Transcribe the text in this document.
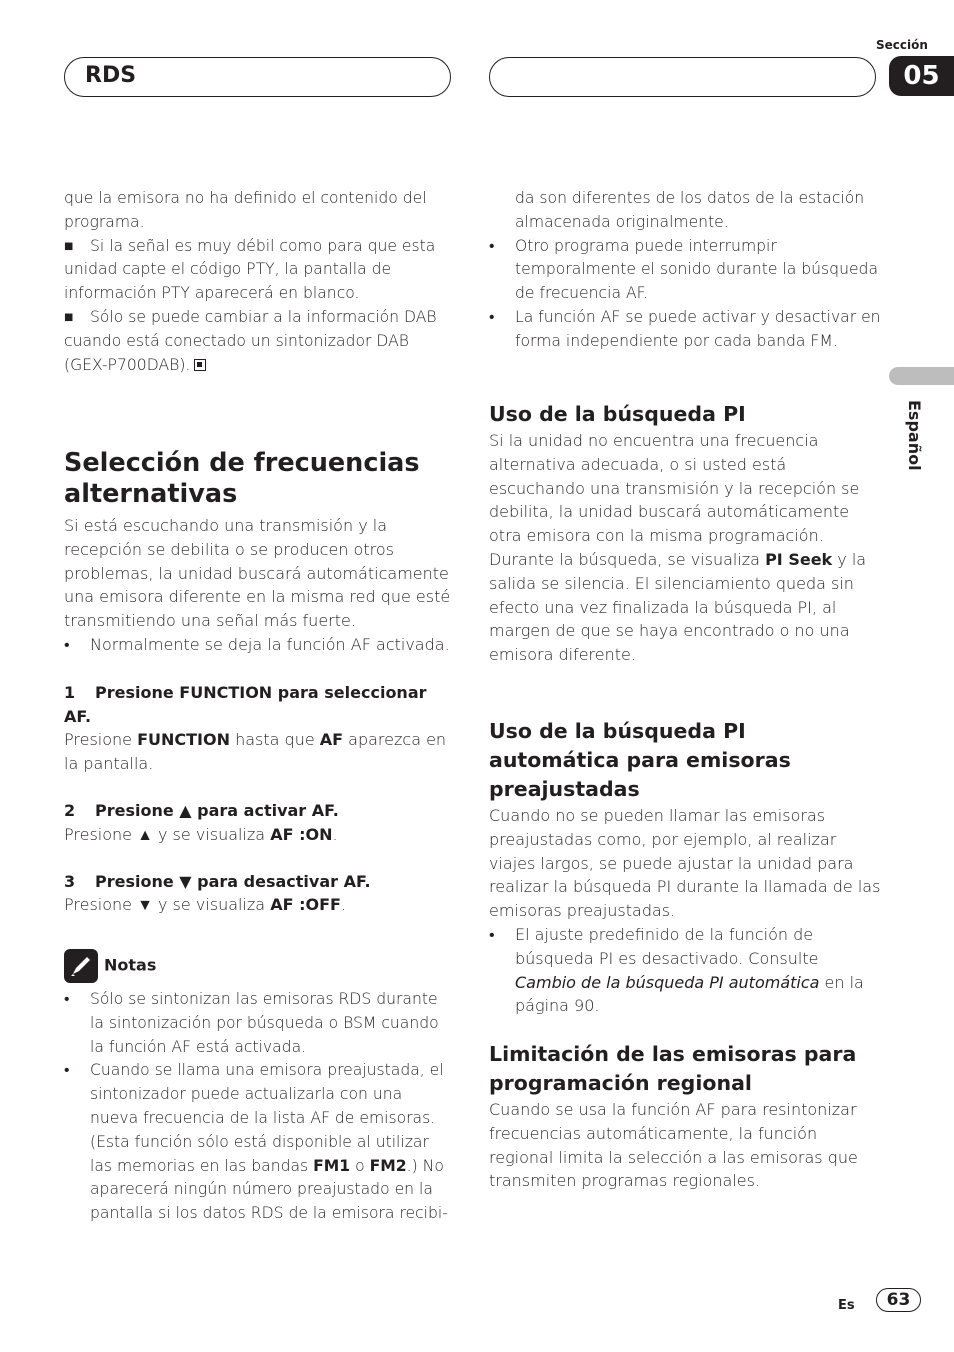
Sección
05
RDS
Español

que la emisora no ha definido el contenido del programa.

■ Si la señal es muy débil como para que esta unidad capte el código PTY, la pantalla de información PTY aparecerá en blanco.

■ Sólo se puede cambiar a la información DAB cuando está conectado un sintonizador DAB (GEX-P700DAB).

Selección de frecuencias alternativas

Si está escuchando una transmisión y la recepción se debilita o se producen otros problemas, la unidad buscará automáticamente una emisora diferente en la misma red que esté transmitiendo una señal más fuerte.

• Normalmente se deja la función AF activada.

1 Presione FUNCTION para seleccionar AF.

Presione FUNCTION hasta que AF aparezca en la pantalla.

2 Presione ▲ para activar AF.

Presione ▲ y se visualiza AF :ON.

3 Presione ▼ para desactivar AF.

Presione ▼ y se visualiza AF :OFF.

Notas

• Sólo se sintonizan las emisoras RDS durante la sintonización por búsqueda o BSM cuando la función AF está activada.

• Cuando se llama una emisora preajustada, el sintonizador puede actualizarla con una nueva frecuencia de la lista AF de emisoras. (Esta función sólo está disponible al utilizar las memorias en las bandas FM1 o FM2.) No aparecerá ningún número preajustado en la pantalla si los datos RDS de la emisora recibi-

da son diferentes de los datos de la estación almacenada originalmente.

• Otro programa puede interrumpir temporalmente el sonido durante la búsqueda de frecuencia AF.

• La función AF se puede activar y desactivar en forma independiente por cada banda FM.

Uso de la búsqueda PI

Si la unidad no encuentra una frecuencia alternativa adecuada, o si usted está escuchando una transmisión y la recepción se debilita, la unidad buscará automáticamente otra emisora con la misma programación. Durante la búsqueda, se visualiza PI Seek y la salida se silencia. El silenciamiento queda sin efecto una vez finalizada la búsqueda PI, al margen de que se haya encontrado o no una emisora diferente.

Uso de la búsqueda PI automática para emisoras preajustadas

Cuando no se pueden llamar las emisoras preajustadas como, por ejemplo, al realizar viajes largos, se puede ajustar la unidad para realizar la búsqueda PI durante la llamada de las emisoras preajustadas.

• El ajuste predefinido de la función de búsqueda PI es desactivado. Consulte Cambio de la búsqueda PI automática en la página 90.

Limitación de las emisoras para programación regional

Cuando se usa la función AF para resintonizar frecuencias automáticamente, la función regional limita la selección a las emisoras que transmiten programas regionales.

Es	63
